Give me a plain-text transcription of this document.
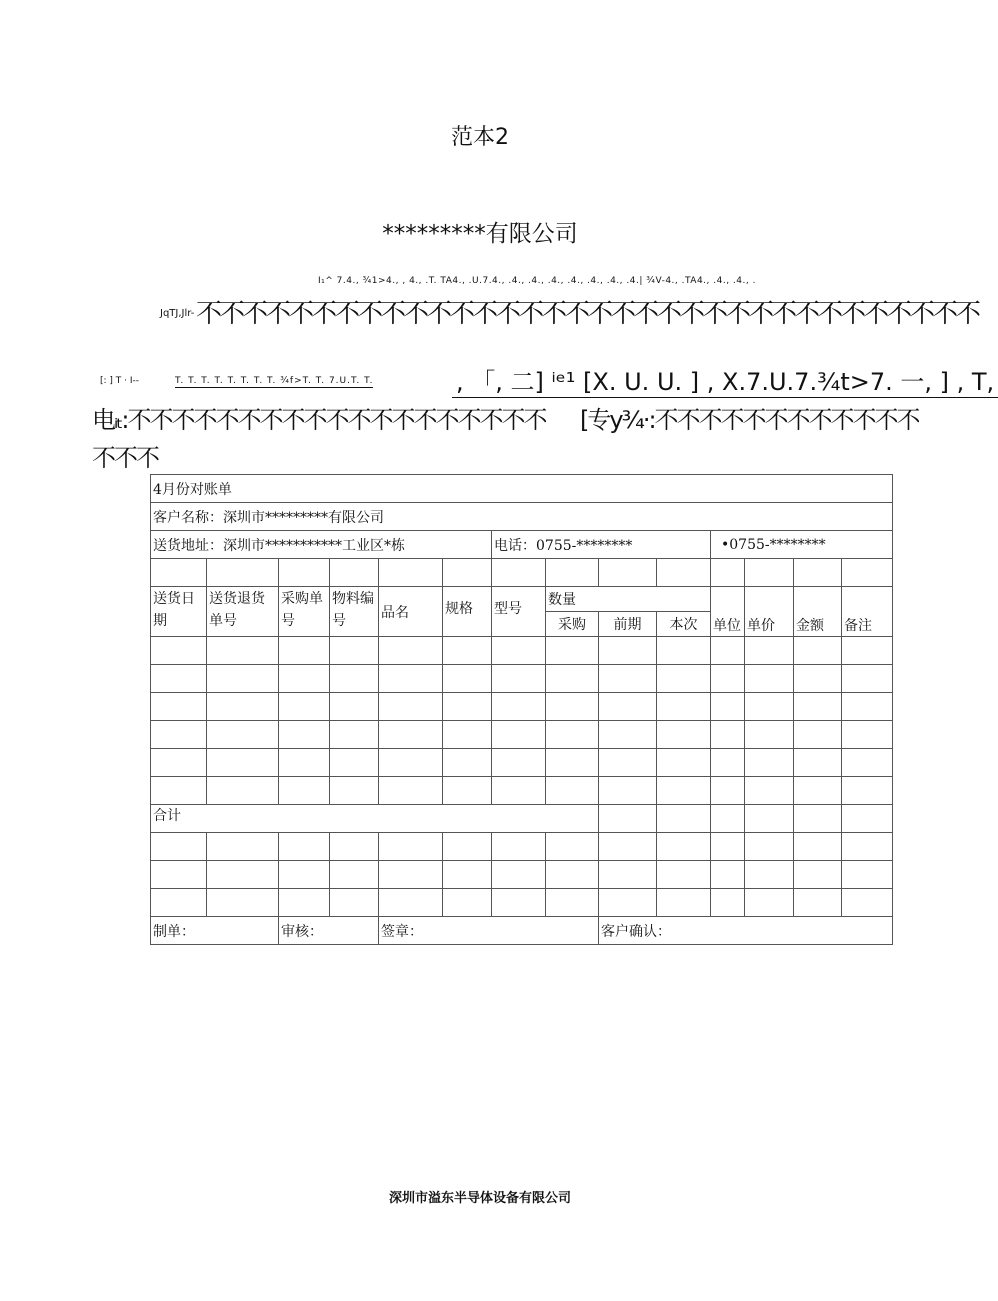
范本2
*********有限公司
I₁^ 7.4., ¾1>4., , 4., .T. TA4., .U.7.4., .4., .4., .4., .4., .4., .4., .4.| ¾V-4., .TA4., .4., .4., .
JqTJ,Jlr- 不不不不不不不不不不不不不不不不不不不不不不不不不不不不不不不不不不
[: ] T · I--	T. T. T. T. T. T. T. T. ¾f>T. T. 7.U.T. T.	, 「, 二] ⁱᵉ¹ [X. U. U. ] , X.7.U.7.¾t>7. 一, ] , T,
电ᵢₜ:不不不不不不不不不不不不不不不不不不不 [专y¾·:不不不不不不不不不不不不
不不不
4月份对账单													
客户名称：深圳市*********有限公司													
送货地址：深圳市***********工业区*栋						电话：0755-********				•0755-********			

送货日期	送货退货单号	采购单号	物料编号	品名	规格	型号	数量			单位	单价	金额	备注
							采购	前期	本次				

合计													

制单：		审核：		签章：				客户确认：					
深圳市溢东半导体设备有限公司
